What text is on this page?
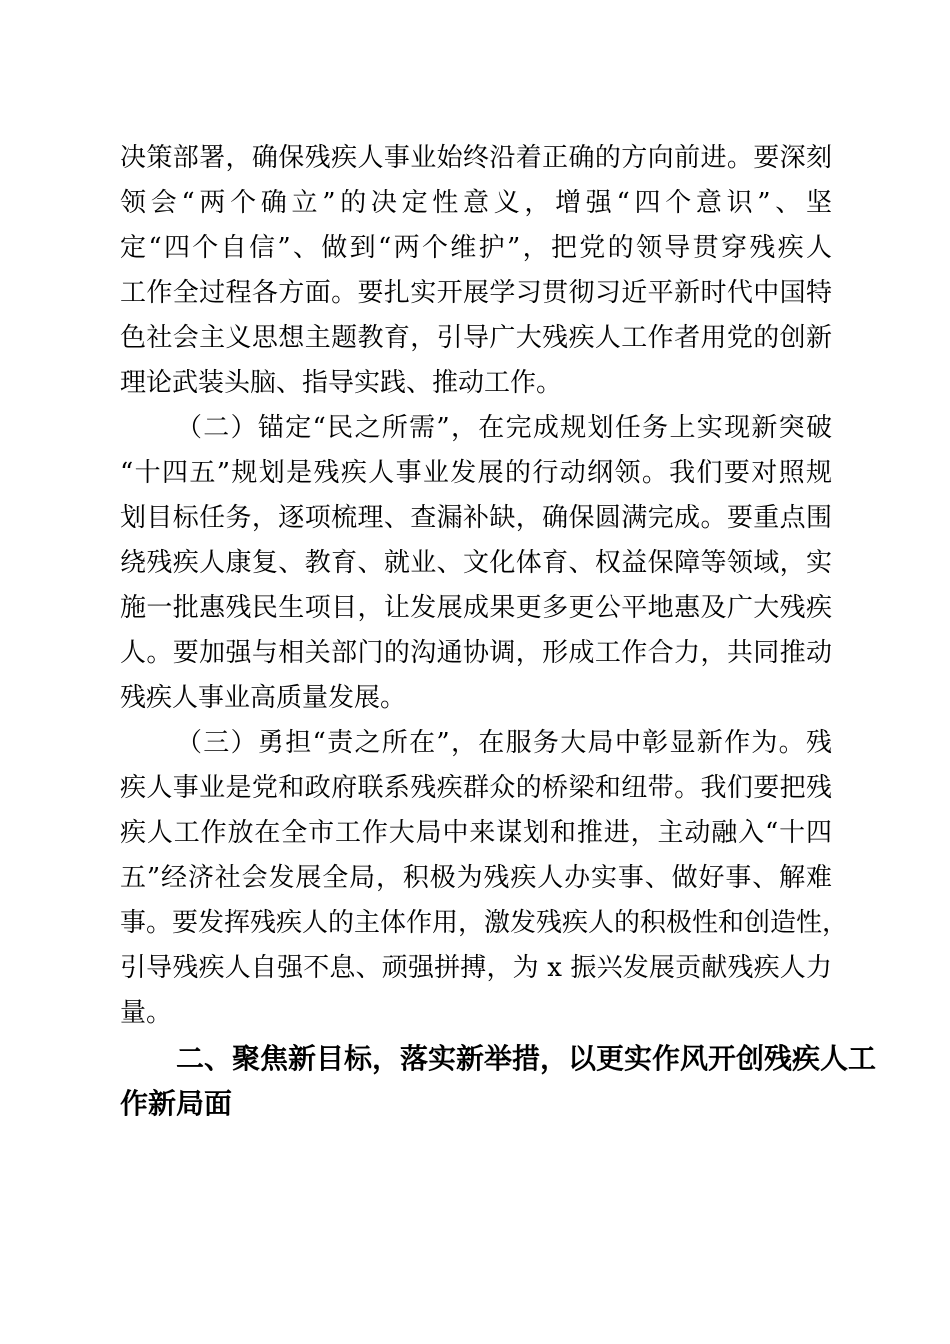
决策部署，确保残疾人事业始终沿着正确的方向前进。要深刻
领会“两个确立”的决定性意义，增强“四个意识”、坚
定“四个自信”、做到“两个维护”，把党的领导贯穿残疾人
工作全过程各方面。要扎实开展学习贯彻习近平新时代中国特
色社会主义思想主题教育，引导广大残疾人工作者用党的创新
理论武装头脑、指导实践、推动工作。
（二）锚定“民之所需”，在完成规划任务上实现新突破
“十四五”规划是残疾人事业发展的行动纲领。我们要对照规
划目标任务，逐项梳理、查漏补缺，确保圆满完成。要重点围
绕残疾人康复、教育、就业、文化体育、权益保障等领域，实
施一批惠残民生项目，让发展成果更多更公平地惠及广大残疾
人。要加强与相关部门的沟通协调，形成工作合力，共同推动
残疾人事业高质量发展。
（三）勇担“责之所在”，在服务大局中彰显新作为。残
疾人事业是党和政府联系残疾群众的桥梁和纽带。我们要把残
疾人工作放在全市工作大局中来谋划和推进，主动融入“十四
五”经济社会发展全局，积极为残疾人办实事、做好事、解难
事。要发挥残疾人的主体作用，激发残疾人的积极性和创造性，
引导残疾人自强不息、顽强拼搏，为 x 振兴发展贡献残疾人力
量。
二、聚焦新目标，落实新举措，以更实作风开创残疾人工
作新局面
